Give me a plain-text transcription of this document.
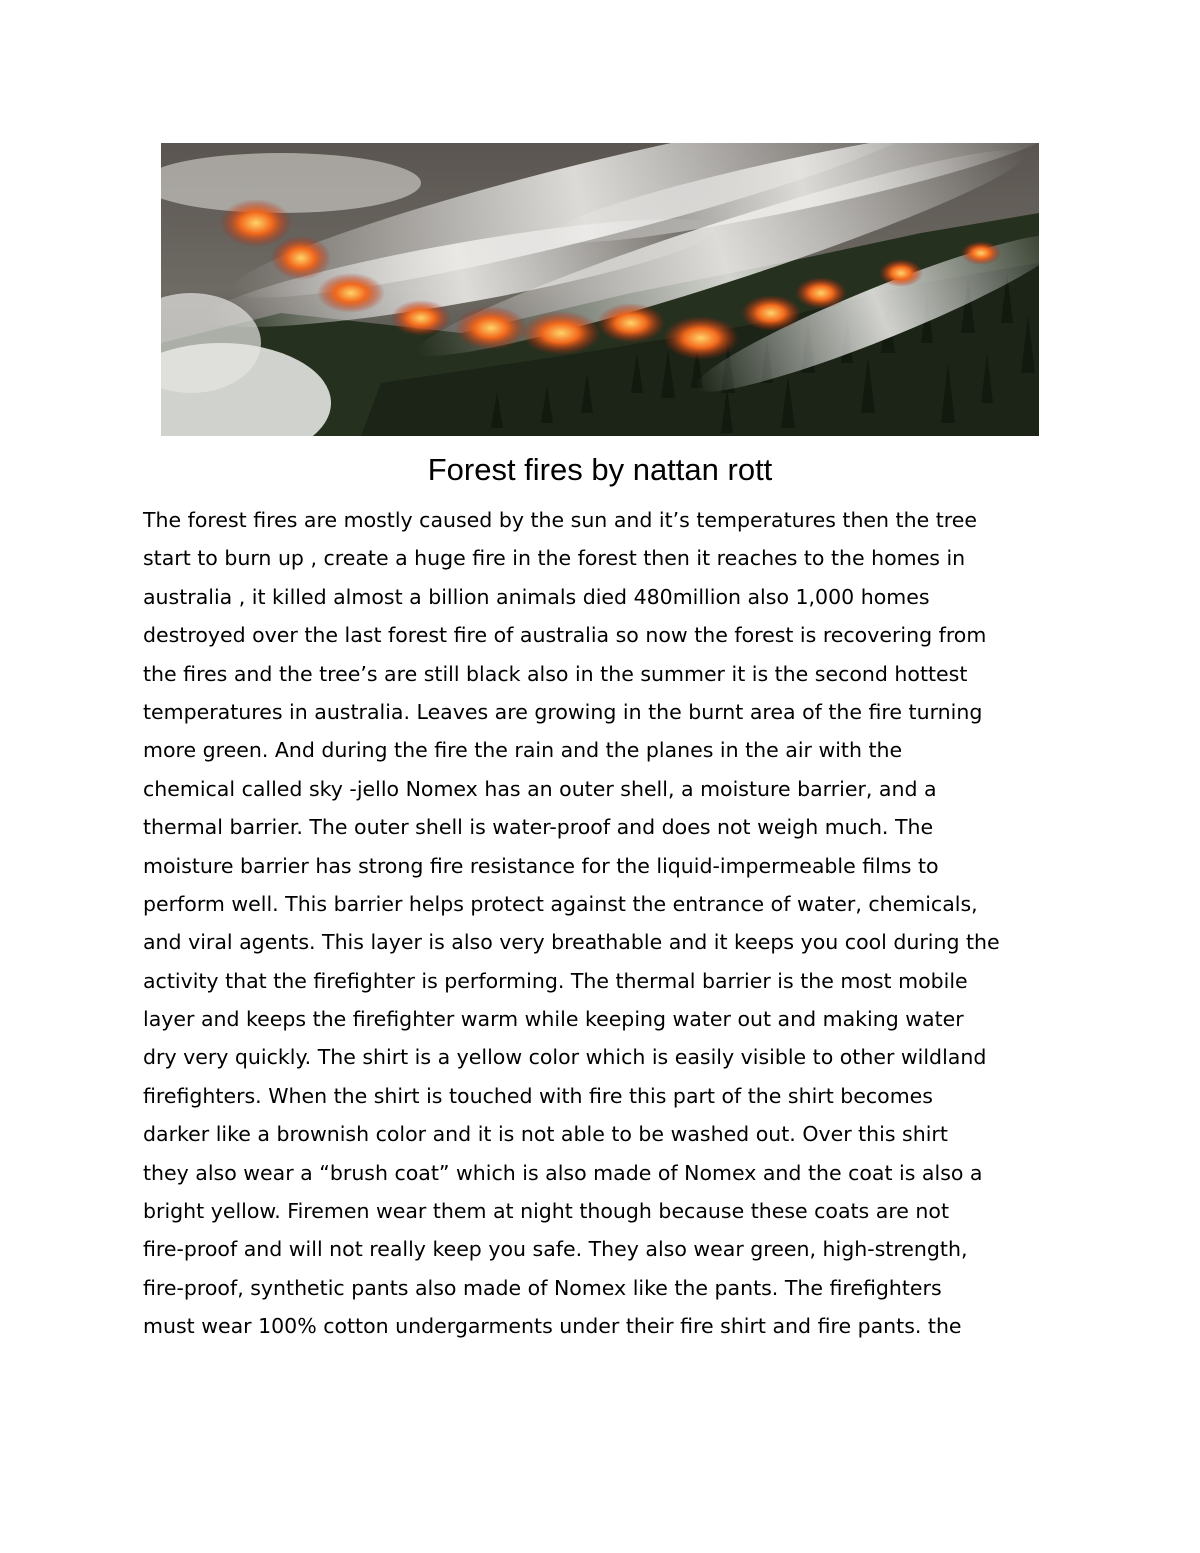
Forest fires by nattan rott
The forest fires are mostly caused by the sun and it’s temperatures then the tree
start to burn up , create a huge fire in the forest then it reaches to the homes in
australia , it killed almost a billion animals died 480million also 1,000 homes
destroyed over the last forest fire of australia so now the forest is recovering from
the fires and the tree’s are still black also in the summer it is the second hottest
temperatures in australia. Leaves are growing in the burnt area of the fire turning
more green. And during the fire the rain and the planes in the air with the
chemical called sky -jello Nomex has an outer shell, a moisture barrier, and a
thermal barrier. The outer shell is water-proof and does not weigh much. The
moisture barrier has strong fire resistance for the liquid-impermeable films to
perform well. This barrier helps protect against the entrance of water, chemicals,
and viral agents. This layer is also very breathable and it keeps you cool during the
activity that the firefighter is performing. The thermal barrier is the most mobile
layer and keeps the firefighter warm while keeping water out and making water
dry very quickly. The shirt is a yellow color which is easily visible to other wildland
firefighters. When the shirt is touched with fire this part of the shirt becomes
darker like a brownish color and it is not able to be washed out. Over this shirt
they also wear a “brush coat” which is also made of Nomex and the coat is also a
bright yellow. Firemen wear them at night though because these coats are not
fire-proof and will not really keep you safe. They also wear green, high-strength,
fire-proof, synthetic pants also made of Nomex like the pants. The firefighters
must wear 100% cotton undergarments under their fire shirt and fire pants. the
